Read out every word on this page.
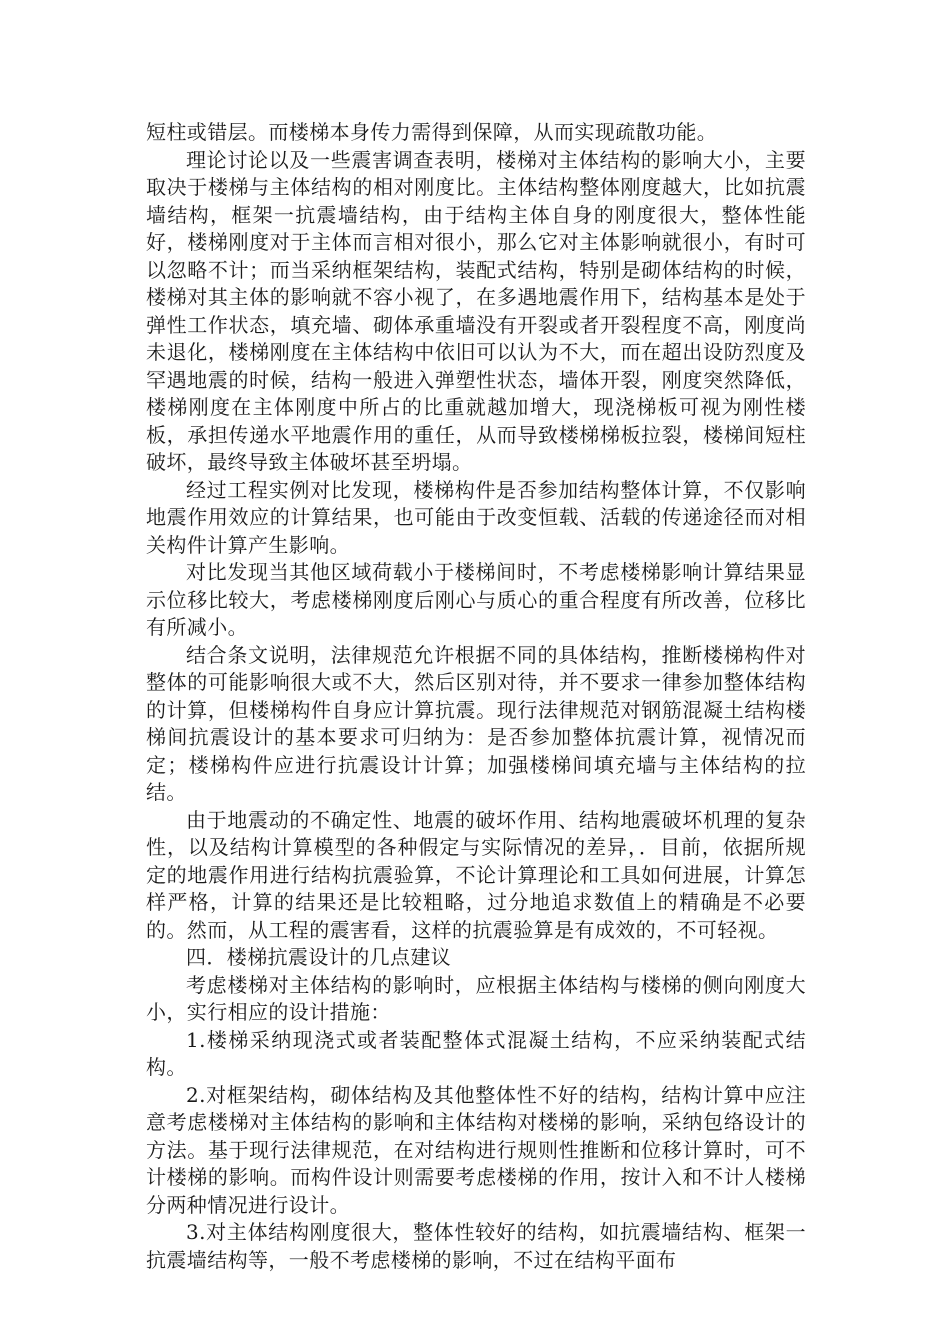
短柱或错层。而楼梯本身传力需得到保障，从而实现疏散功能。

理论讨论以及一些震害调查表明，楼梯对主体结构的影响大小，主要取决于楼梯与主体结构的相对刚度比。主体结构整体刚度越大，比如抗震墙结构，框架一抗震墙结构，由于结构主体自身的刚度很大，整体性能好，楼梯刚度对于主体而言相对很小，那么它对主体影响就很小，有时可以忽略不计；而当采纳框架结构，装配式结构，特别是砌体结构的时候，楼梯对其主体的影响就不容小视了，在多遇地震作用下，结构基本是处于弹性工作状态，填充墙、砌体承重墙没有开裂或者开裂程度不高，刚度尚未退化，楼梯刚度在主体结构中依旧可以认为不大，而在超出设防烈度及罕遇地震的时候，结构一般进入弹塑性状态，墙体开裂，刚度突然降低，楼梯刚度在主体刚度中所占的比重就越加增大，现浇梯板可视为刚性楼板，承担传递水平地震作用的重任，从而导致楼梯梯板拉裂，楼梯间短柱破坏，最终导致主体破坏甚至坍塌。

经过工程实例对比发现，楼梯构件是否参加结构整体计算，不仅影响地震作用效应的计算结果，也可能由于改变恒载、活载的传递途径而对相关构件计算产生影响。

对比发现当其他区域荷载小于楼梯间时，不考虑楼梯影响计算结果显示位移比较大，考虑楼梯刚度后刚心与质心的重合程度有所改善，位移比有所减小。

结合条文说明，法律规范允许根据不同的具体结构，推断楼梯构件对整体的可能影响很大或不大，然后区别对待，并不要求一律参加整体结构的计算，但楼梯构件自身应计算抗震。现行法律规范对钢筋混凝土结构楼梯间抗震设计的基本要求可归纳为：是否参加整体抗震计算，视情况而定；楼梯构件应进行抗震设计计算；加强楼梯间填充墙与主体结构的拉结。

由于地震动的不确定性、地震的破坏作用、结构地震破坏机理的复杂性，以及结构计算模型的各种假定与实际情况的差异，．目前，依据所规定的地震作用进行结构抗震验算，不论计算理论和工具如何进展，计算怎样严格，计算的结果还是比较粗略，过分地追求数值上的精确是不必要的。然而，从工程的震害看，这样的抗震验算是有成效的，不可轻视。

四．楼梯抗震设计的几点建议

考虑楼梯对主体结构的影响时，应根据主体结构与楼梯的侧向刚度大小，实行相应的设计措施：

1.楼梯采纳现浇式或者装配整体式混凝土结构，不应采纳装配式结构。

2.对框架结构，砌体结构及其他整体性不好的结构，结构计算中应注意考虑楼梯对主体结构的影响和主体结构对楼梯的影响，采纳包络设计的方法。基于现行法律规范，在对结构进行规则性推断和位移计算时，可不计楼梯的影响。而构件设计则需要考虑楼梯的作用，按计入和不计人楼梯分两种情况进行设计。

3.对主体结构刚度很大，整体性较好的结构，如抗震墙结构、框架一抗震墙结构等，一般不考虑楼梯的影响，不过在结构平面布
